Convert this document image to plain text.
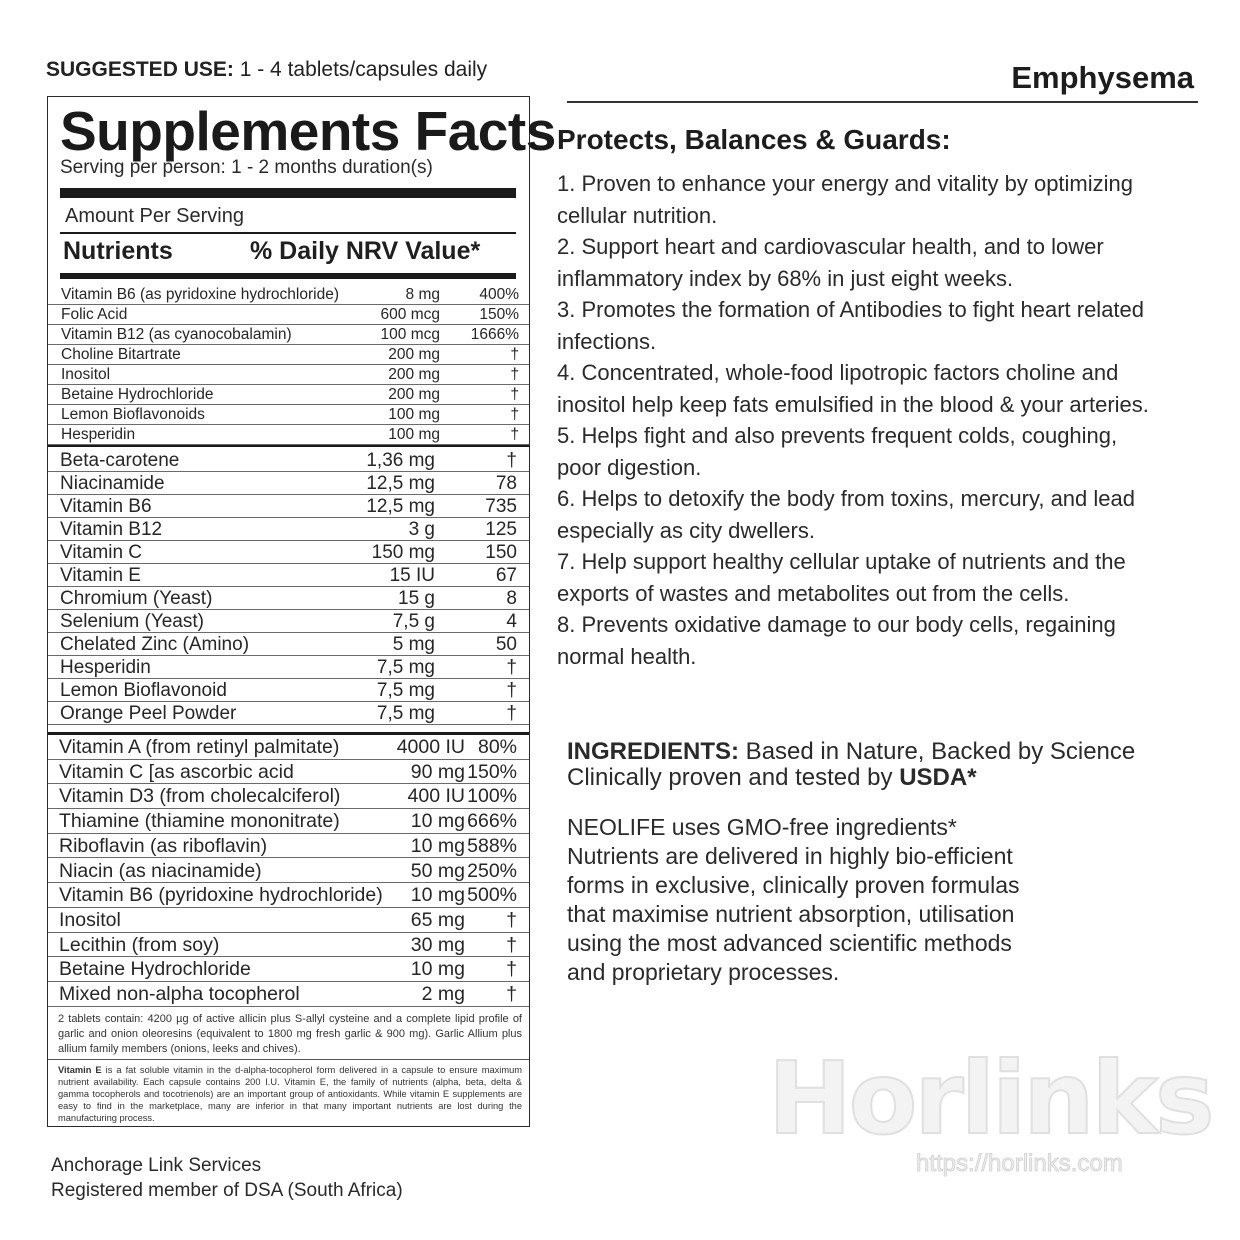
SUGGESTED USE: 1 - 4 tablets/capsules daily	Emphysema
Supplements Facts
Serving per person: 1 - 2 months duration(s)
Amount Per Serving
Nutrients	% Daily NRV Value*
Vitamin B6 (as pyridoxine hydrochloride)	8 mg	400%
Folic Acid	600 mcg	150%
Vitamin B12 (as cyanocobalamin)	100 mcg 1666%
Choline Bitartrate	200 mg	†
Inositol	200 mg	†
Betaine Hydrochloride	200 mg	†
Lemon Bioflavonoids	100 mg	†
Hesperidin	100 mg	†
Beta-carotene	1,36 mg	†
Niacinamide	12,5 mg	78
Vitamin B6	12,5 mg	735
Vitamin B12	3 g	125
Vitamin C	150 mg	150
Vitamin E	15 IU	67
Chromium (Yeast)	15 g	8
Selenium (Yeast)	7,5 g	4
Chelated Zinc (Amino)	5 mg	50
Hesperidin	7,5 mg	†
Lemon Bioflavonoid	7,5 mg	†
Orange Peel Powder	7,5 mg	†
Vitamin A (from retinyl palmitate)	4000 IU 80%
Vitamin C [as ascorbic acid	90 mg 150%
Vitamin D3 (from cholecalciferol)	400 IU 100%
Thiamine (thiamine mononitrate)	10 mg 666%
Riboflavin (as riboflavin)	10 mg 588%
Niacin (as niacinamide)	50 mg 250%
Vitamin B6 (pyridoxine hydrochloride) 10 mg 500%
Inositol	65 mg †
Lecithin (from soy)	30 mg †
Betaine Hydrochloride	10 mg †
Mixed non-alpha tocopherol	2 mg †
2 tablets contain: 4200 µg of active allicin plus S-allyl cysteine and a complete lipid profile of garlic and onion oleoresins (equivalent to 1800 mg fresh garlic & 900 mg). Garlic Allium plus allium family members (onions, leeks and chives).
Vitamin E is a fat soluble vitamin in the d-alpha-tocopherol form delivered in a capsule to ensure maximum nutrient availability. Each capsule contains 200 I.U. Vitamin E, the family of nutrients (alpha, beta, delta & gamma tocopherols and tocotrienols) are an important group of antioxidants. While vitamin E supplements are easy to find in the marketplace, many are inferior in that many important nutrients are lost during the manufacturing process.
Protects, Balances & Guards:
1. Proven to enhance your energy and vitality by optimizing
cellular nutrition.
2. Support heart and cardiovascular health, and to lower
inflammatory index by 68% in just eight weeks.
3. Promotes the formation of Antibodies to fight heart related
infections.
4. Concentrated, whole-food lipotropic factors choline and
inositol help keep fats emulsified in the blood & your arteries.
5. Helps fight and also prevents frequent colds, coughing,
poor digestion.
6. Helps to detoxify the body from toxins, mercury, and lead
especially as city dwellers.
7. Help support healthy cellular uptake of nutrients and the
exports of wastes and metabolites out from the cells.
8. Prevents oxidative damage to our body cells, regaining
normal health.
INGREDIENTS: Based in Nature, Backed by Science
Clinically proven and tested by USDA*
NEOLIFE uses GMO-free ingredients*
Nutrients are delivered in highly bio-efficient
forms in exclusive, clinically proven formulas
that maximise nutrient absorption, utilisation
using the most advanced scientific methods
and proprietary processes.
Anchorage Link Services
Registered member of DSA (South Africa)
Horlinks
https://horlinks.com
